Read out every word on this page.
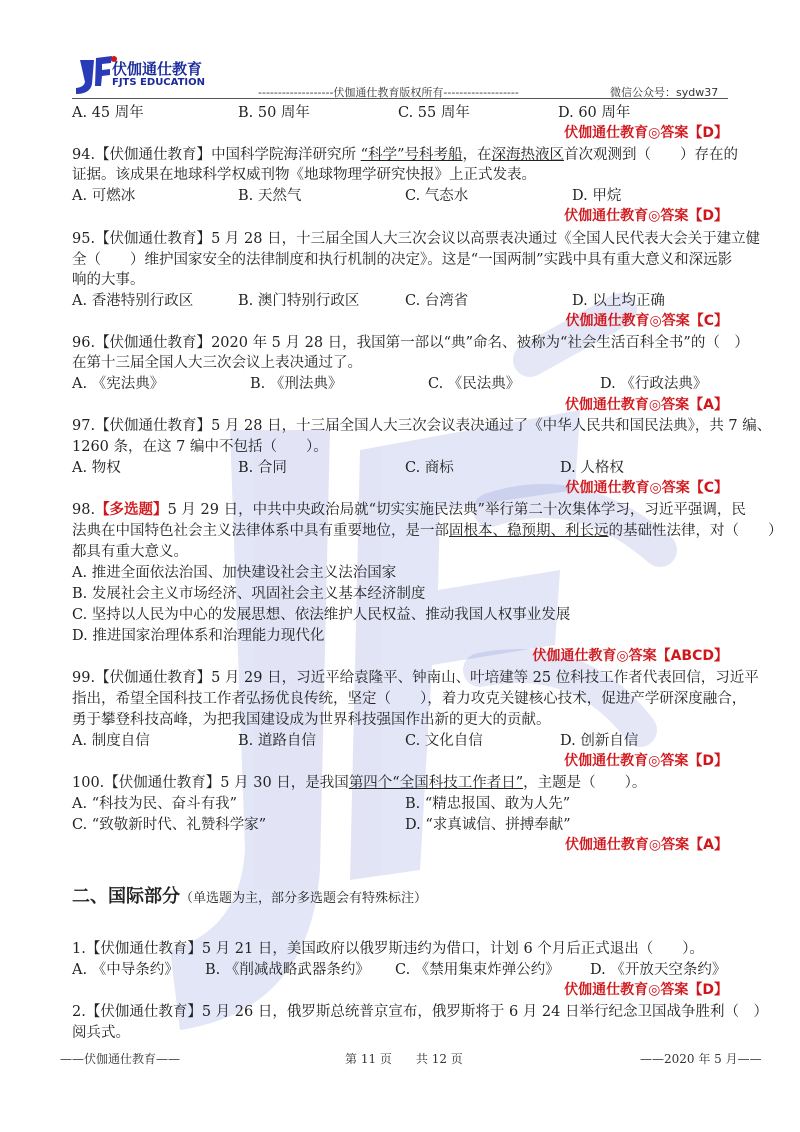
伏伽通仕教育
FJTS EDUCATION
-------------------伏伽通仕教育版权所有-------------------	微信公众号：sydw37
A. 45 周年	B. 50 周年	C. 55 周年	D. 60 周年
伏伽通仕教育◎答案【D】
94.【伏伽通仕教育】中国科学院海洋研究所 “科学”号科考船，在深海热液区首次观测到（　　）存在的
证据。该成果在地球科学权威刊物《地球物理学研究快报》上正式发表。
A. 可燃冰	B. 天然气	C. 气态水	D. 甲烷
伏伽通仕教育◎答案【D】
95.【伏伽通仕教育】5 月 28 日，十三届全国人大三次会议以高票表决通过《全国人民代表大会关于建立健
全（　　）维护国家安全的法律制度和执行机制的决定》。这是“一国两制”实践中具有重大意义和深远影
响的大事。
A. 香港特别行政区	B. 澳门特别行政区	C. 台湾省	D. 以上均正确
伏伽通仕教育◎答案【C】
96.【伏伽通仕教育】2020 年 5 月 28 日，我国第一部以“典”命名、被称为“社会生活百科全书”的（　）
在第十三届全国人大三次会议上表决通过了。
A. 《宪法典》	B. 《刑法典》	C. 《民法典》	D. 《行政法典》
伏伽通仕教育◎答案【A】
97.【伏伽通仕教育】5 月 28 日，十三届全国人大三次会议表决通过了《中华人民共和国民法典》，共 7 编、
1260 条，在这 7 编中不包括（　　）。
A. 物权	B. 合同	C. 商标	D. 人格权
伏伽通仕教育◎答案【C】
98.【多选题】5 月 29 日，中共中央政治局就“切实实施民法典”举行第二十次集体学习，习近平强调，民
法典在中国特色社会主义法律体系中具有重要地位，是一部固根本、稳预期、利长远的基础性法律，对（　　）
都具有重大意义。
A. 推进全面依法治国、加快建设社会主义法治国家
B. 发展社会主义市场经济、巩固社会主义基本经济制度
C. 坚持以人民为中心的发展思想、依法维护人民权益、推动我国人权事业发展
D. 推进国家治理体系和治理能力现代化
伏伽通仕教育◎答案【ABCD】
99.【伏伽通仕教育】5 月 29 日，习近平给袁隆平、钟南山、叶培建等 25 位科技工作者代表回信，习近平
指出，希望全国科技工作者弘扬优良传统，坚定（　　），着力攻克关键核心技术，促进产学研深度融合，
勇于攀登科技高峰，为把我国建设成为世界科技强国作出新的更大的贡献。
A. 制度自信	B. 道路自信	C. 文化自信	D. 创新自信
伏伽通仕教育◎答案【D】
100.【伏伽通仕教育】5 月 30 日，是我国第四个“全国科技工作者日”，主题是（　　）。
A. “科技为民、奋斗有我”	B. “精忠报国、敢为人先”
C. “致敬新时代、礼赞科学家”	D. “求真诚信、拼搏奉献”
伏伽通仕教育◎答案【A】
二、国际部分（单选题为主，部分多选题会有特殊标注）
1.【伏伽通仕教育】5 月 21 日，美国政府以俄罗斯违约为借口，计划 6 个月后正式退出（　　）。
A. 《中导条约》 B. 《削减战略武器条约》 C. 《禁用集束炸弹公约》 D. 《开放天空条约》
伏伽通仕教育◎答案【D】
2.【伏伽通仕教育】5 月 26 日，俄罗斯总统普京宣布，俄罗斯将于 6 月 24 日举行纪念卫国战争胜利（　）
阅兵式。
——伏伽通仕教育——	第 11 页　　共 12 页	——2020 年 5 月——
